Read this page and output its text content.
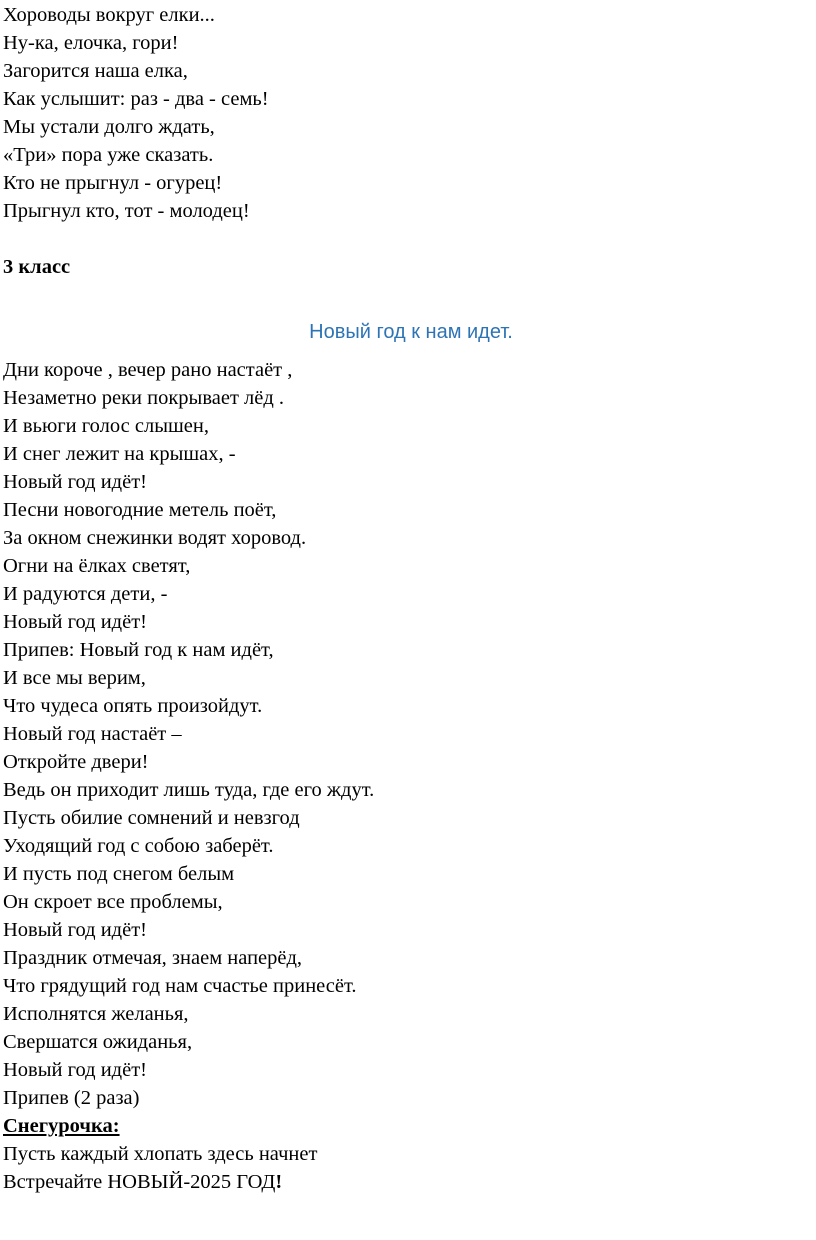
Хороводы вокруг елки...
Ну-ка, елочка, гори!
Загорится наша елка,
Как услышит: раз - два - семь!
Мы устали долго ждать,
«Три» пора уже сказать.
Кто не прыгнул - огурец!
Прыгнул кто, тот - молодец!
3 класс
Новый год к нам идет.
Дни короче , вечер рано настаёт ,
Незаметно реки покрывает лёд .
И вьюги голос слышен,
И снег лежит на крышах, -
Новый год идёт!
Песни новогодние метель поёт,
За окном снежинки водят хоровод.
Огни на ёлках светят,
И радуются дети, -
Новый год идёт!
Припев: Новый год к нам идёт,
И все мы верим,
Что чудеса опять произойдут.
Новый год настаёт –
Откройте двери!
Ведь он приходит лишь туда, где его ждут.
Пусть обилие сомнений и невзгод
Уходящий год с собою заберёт.
И пусть под снегом белым
Он скроет все проблемы,
Новый год идёт!
Праздник отмечая, знаем наперёд,
Что грядущий год нам счастье принесёт.
Исполнятся желанья,
Свершатся ожиданья,
Новый год идёт!
Припев (2 раза)
Снегурочка:
Пусть каждый хлопать здесь начнет
Встречайте НОВЫЙ-2025 ГОД!
